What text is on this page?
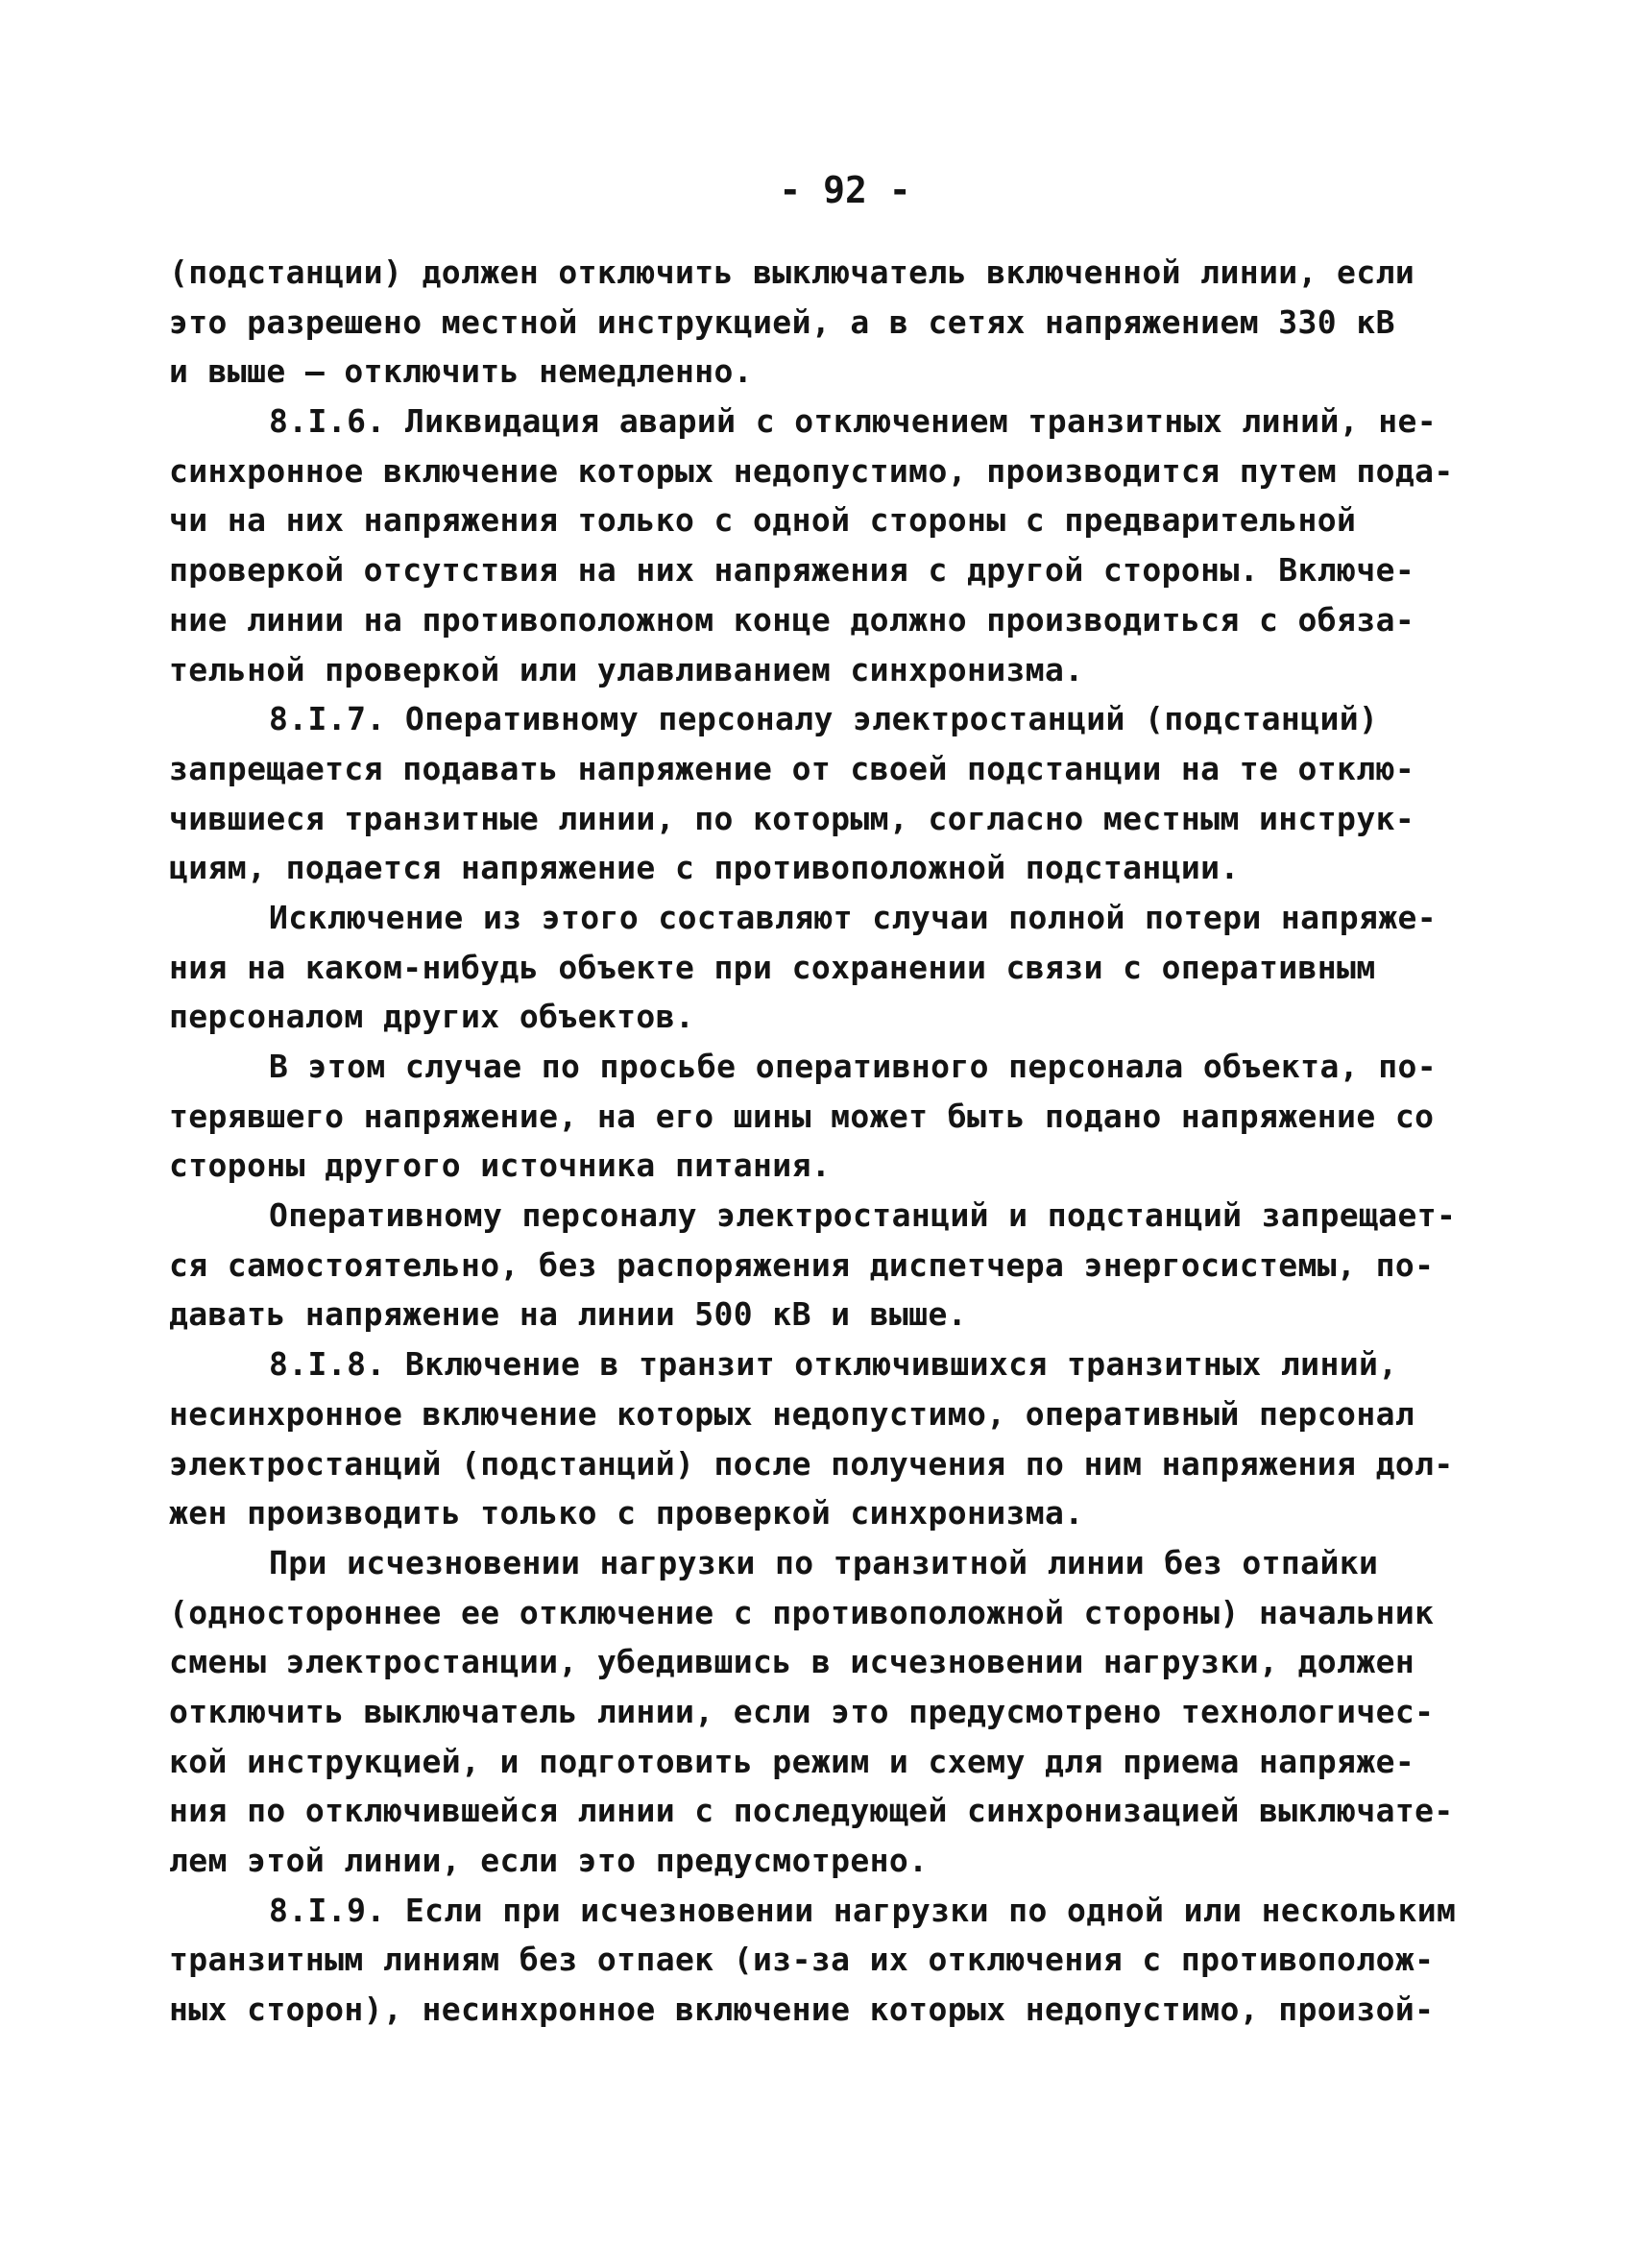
- 92 -
(подстанции) должен отключить выключатель включенной линии, если
это разрешено местной инструкцией, а в сетях напряжением 330 кВ
и выше – отключить немедленно.
8.I.6. Ликвидация аварий с отключением транзитных линий, не-
синхронное включение которых недопустимо, производится путем пода-
чи на них напряжения только с одной стороны с предварительной
проверкой отсутствия на них напряжения с другой стороны. Включе-
ние линии на противоположном конце должно производиться с обяза-
тельной проверкой или улавливанием синхронизма.
8.I.7. Оперативному персоналу электростанций (подстанций)
запрещается подавать напряжение от своей подстанции на те отклю-
чившиеся транзитные линии, по которым, согласно местным инструк-
циям, подается напряжение с противоположной подстанции.
Исключение из этого составляют случаи полной потери напряже-
ния на каком-нибудь объекте при сохранении связи с оперативным
персоналом других объектов.
В этом случае по просьбе оперативного персонала объекта, по-
терявшего напряжение, на его шины может быть подано напряжение со
стороны другого источника питания.
Оперативному персоналу электростанций и подстанций запрещает-
ся самостоятельно, без распоряжения диспетчера энергосистемы, по-
давать напряжение на линии 500 кВ и выше.
8.I.8. Включение в транзит отключившихся транзитных линий,
несинхронное включение которых недопустимо, оперативный персонал
электростанций (подстанций) после получения по ним напряжения дол-
жен производить только с проверкой синхронизма.
При исчезновении нагрузки по транзитной линии без отпайки
(одностороннее ее отключение с противоположной стороны) начальник
смены электростанции, убедившись в исчезновении нагрузки, должен
отключить выключатель линии, если это предусмотрено технологичес-
кой инструкцией, и подготовить режим и схему для приема напряже-
ния по отключившейся линии с последующей синхронизацией выключате-
лем этой линии, если это предусмотрено.
8.I.9. Если при исчезновении нагрузки по одной или нескольким
транзитным линиям без отпаек (из-за их отключения с противополож-
ных сторон), несинхронное включение которых недопустимо, произой-
